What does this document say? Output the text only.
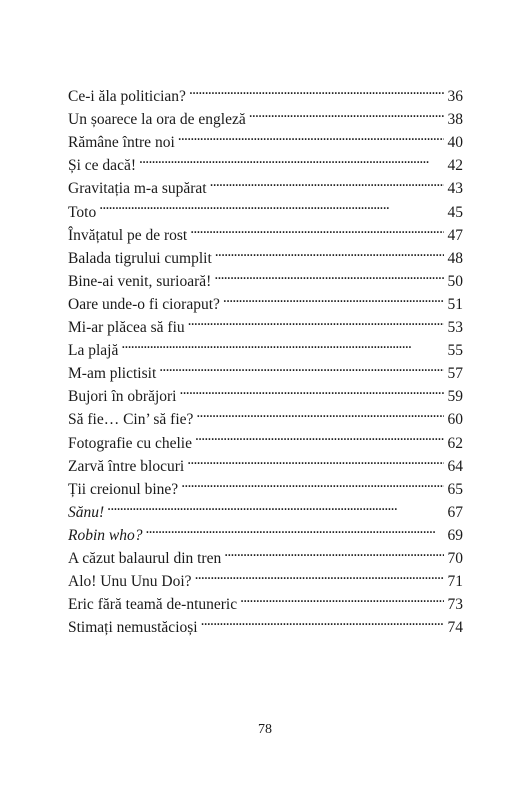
Ce-i ăla politician? . . .	36
Un șoarece la ora de engleză . . .	38
Rămâne între noi . . .	40
Și ce dacă! . . .	42
Gravitația m-a supărat . . .	43
Toto . . .	45
Învățatul pe de rost . . .	47
Balada tigrului cumplit . . .	48
Bine-ai venit, surioară! . . .	50
Oare unde-o fi cioraput? . . .	51
Mi-ar plăcea să fiu . . .	53
La plajă . . .	55
M-am plictisit . . .	57
Bujori în obrăjori . . .	59
Să fie… Cin’ să fie? . . .	60
Fotografie cu chelie . . .	62
Zarvă între blocuri . . .	64
Ții creionul bine? . . .	65
Sănu! . . .	67
Robin who? . . .	69
A căzut balaurul din tren . . .	70
Alo! Unu Unu Doi? . . .	71
Eric fără teamă de-ntuneric . . .	73
Stimați nemustăcioși . . .	74
78
